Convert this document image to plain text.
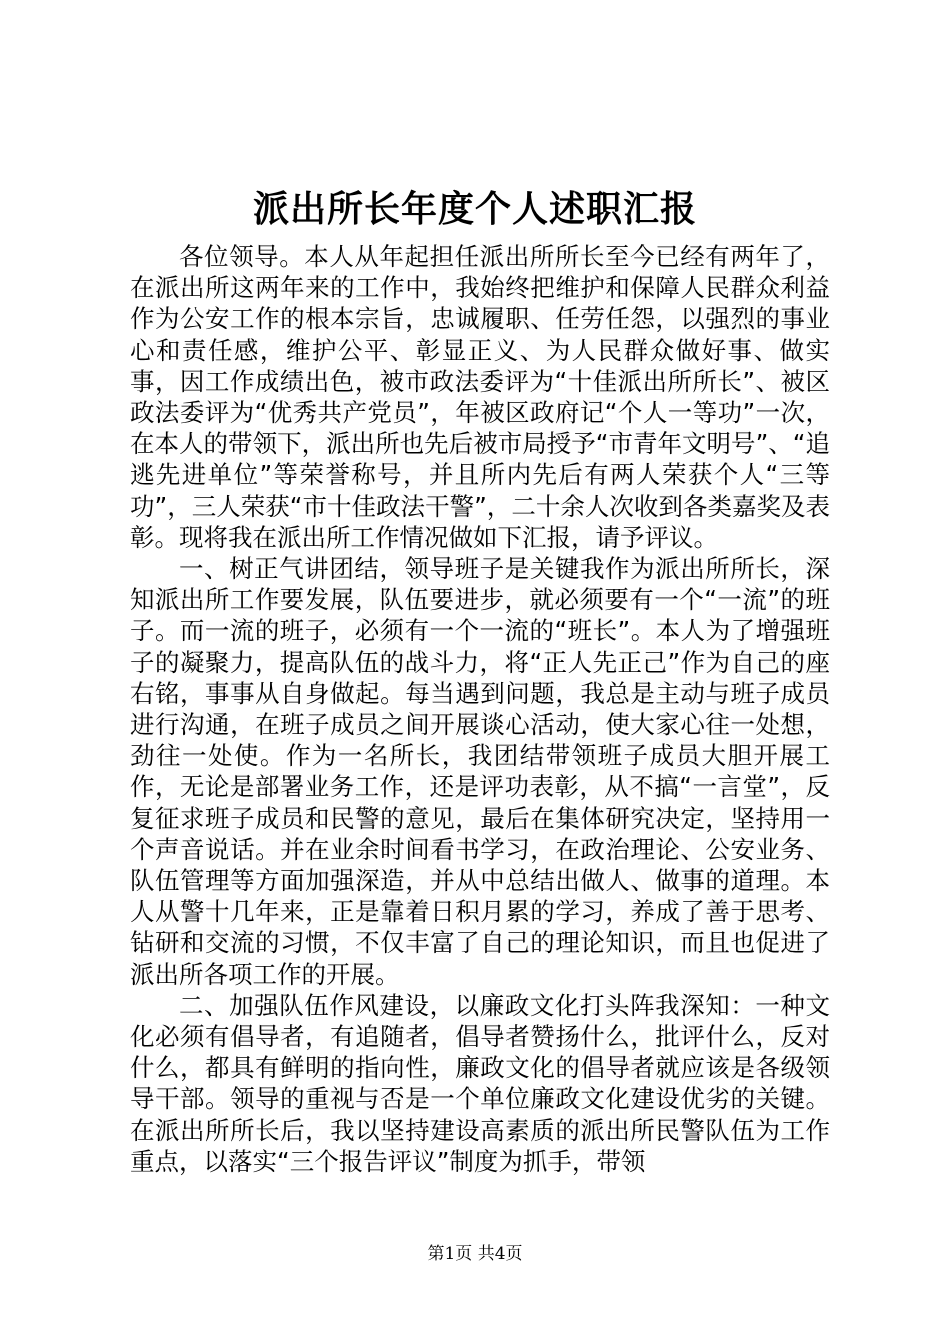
派出所长年度个人述职汇报

各位领导。本人从年起担任派出所所长至今已经有两年了，在派出所这两年来的工作中，我始终把维护和保障人民群众利益作为公安工作的根本宗旨，忠诚履职、任劳任怨，以强烈的事业心和责任感，维护公平、彰显正义、为人民群众做好事、做实事，因工作成绩出色，被市政法委评为“十佳派出所所长”、被区政法委评为“优秀共产党员”，年被区政府记“个人一等功”一次，在本人的带领下，派出所也先后被市局授予“市青年文明号”、“追逃先进单位”等荣誉称号，并且所内先后有两人荣获个人“三等功”，三人荣获“市十佳政法干警”，二十余人次收到各类嘉奖及表彰。现将我在派出所工作情况做如下汇报，请予评议。

一、树正气讲团结，领导班子是关键我作为派出所所长，深知派出所工作要发展，队伍要进步，就必须要有一个“一流”的班子。而一流的班子，必须有一个一流的“班长”。本人为了增强班子的凝聚力，提高队伍的战斗力，将“正人先正己”作为自己的座右铭，事事从自身做起。每当遇到问题，我总是主动与班子成员进行沟通，在班子成员之间开展谈心活动，使大家心往一处想，劲往一处使。作为一名所长，我团结带领班子成员大胆开展工作，无论是部署业务工作，还是评功表彰，从不搞“一言堂”，反复征求班子成员和民警的意见，最后在集体研究决定，坚持用一个声音说话。并在业余时间看书学习，在政治理论、公安业务、队伍管理等方面加强深造，并从中总结出做人、做事的道理。本人从警十几年来，正是靠着日积月累的学习，养成了善于思考、钻研和交流的习惯，不仅丰富了自己的理论知识，而且也促进了派出所各项工作的开展。

二、加强队伍作风建设，以廉政文化打头阵我深知：一种文化必须有倡导者，有追随者，倡导者赞扬什么，批评什么，反对什么，都具有鲜明的指向性，廉政文化的倡导者就应该是各级领导干部。领导的重视与否是一个单位廉政文化建设优劣的关键。在派出所所长后，我以坚持建设高素质的派出所民警队伍为工作重点，以落实“三个报告评议”制度为抓手，带领

第1页 共4页
